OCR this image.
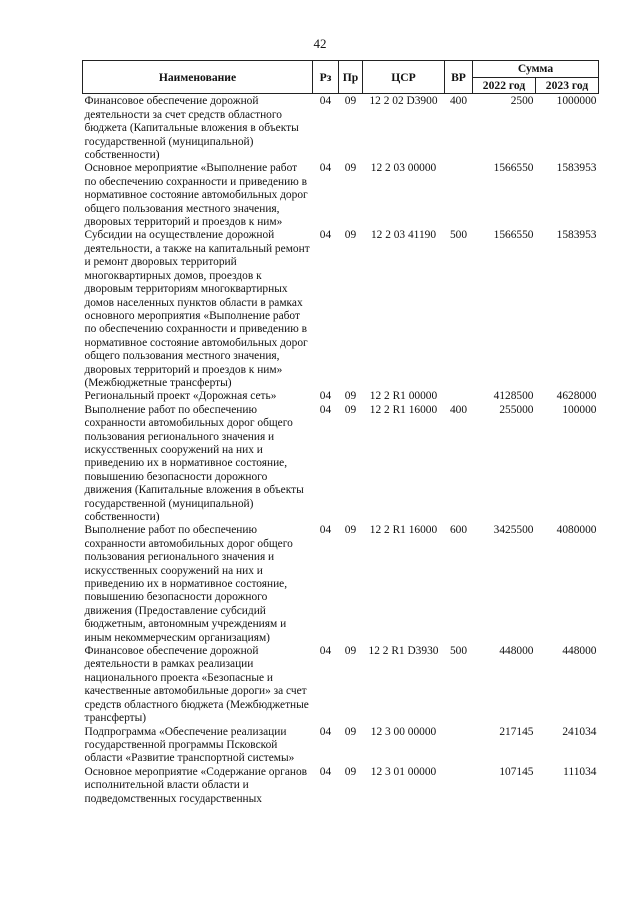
42
Наименование	Рз	Пр	ЦСР	ВР	Сумма	
					2022 год	2023 год
Финансовое обеспечение дорожной деятельности за счет средств областного бюджета (Капитальные вложения в объекты государственной (муниципальной) собственности)	04	09	12 2 02 D3900	400	2500	1000000
Основное мероприятие «Выполнение работ по обеспечению сохранности и приведению в нормативное состояние автомобильных дорог общего пользования местного значения, дворовых территорий и проездов к ним»	04	09	12 2 03 00000		1566550	1583953
Субсидии на осуществление дорожной деятельности, а также на капитальный ремонт и ремонт дворовых территорий многоквартирных домов, проездов к дворовым территориям многоквартирных домов населенных пунктов области в рамках основного мероприятия «Выполнение работ по обеспечению сохранности и приведению в нормативное состояние автомобильных дорог общего пользования местного значения, дворовых территорий и проездов к ним» (Межбюджетные трансферты)	04	09	12 2 03 41190	500	1566550	1583953
Региональный проект «Дорожная сеть»	04	09	12 2 R1 00000		4128500	4628000
Выполнение работ по обеспечению сохранности автомобильных дорог общего пользования регионального значения и искусственных сооружений на них и приведению их в нормативное состояние, повышению безопасности дорожного движения (Капитальные вложения в объекты государственной (муниципальной) собственности)	04	09	12 2 R1 16000	400	255000	100000
Выполнение работ по обеспечению сохранности автомобильных дорог общего пользования регионального значения и искусственных сооружений на них и приведению их в нормативное состояние, повышению безопасности дорожного движения (Предоставление субсидий бюджетным, автономным учреждениям и иным некоммерческим организациям)	04	09	12 2 R1 16000	600	3425500	4080000
Финансовое обеспечение дорожной деятельности в рамках реализации национального проекта «Безопасные и качественные автомобильные дороги» за счет средств областного бюджета (Межбюджетные трансферты)	04	09	12 2 R1 D3930	500	448000	448000
Подпрограмма «Обеспечение реализации государственной программы Псковской области «Развитие транспортной системы»	04	09	12 3 00 00000		217145	241034
Основное мероприятие «Содержание органов исполнительной власти области и подведомственных государственных	04	09	12 3 01 00000		107145	111034
